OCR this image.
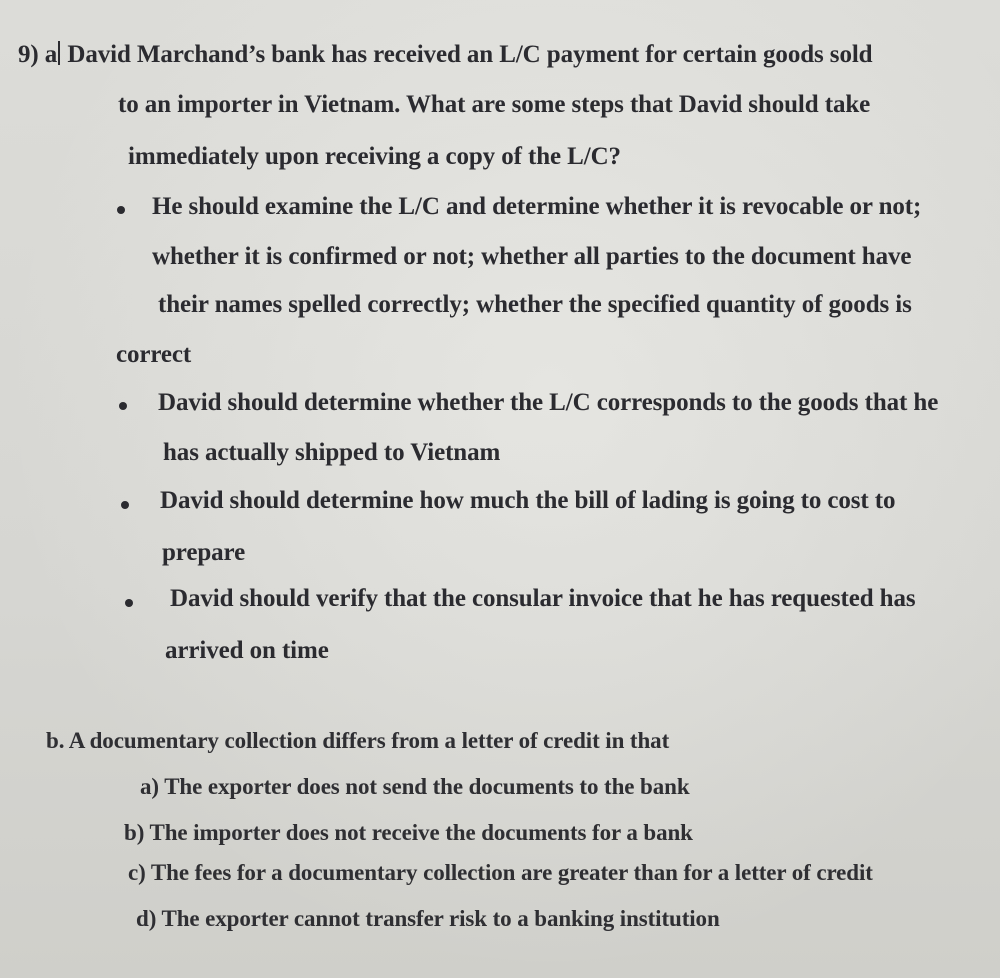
9) a David Marchand’s bank has received an L/C payment for certain goods sold
to an importer in Vietnam. What are some steps that David should take
immediately upon receiving a copy of the L/C?
He should examine the L/C and determine whether it is revocable or not;
whether it is confirmed or not; whether all parties to the document have
their names spelled correctly; whether the specified quantity of goods is
correct
David should determine whether the L/C corresponds to the goods that he
has actually shipped to Vietnam
David should determine how much the bill of lading is going to cost to
prepare
David should verify that the consular invoice that he has requested has
arrived on time
b. A documentary collection differs from a letter of credit in that
a) The exporter does not send the documents to the bank
b) The importer does not receive the documents for a bank
c) The fees for a documentary collection are greater than for a letter of credit
d) The exporter cannot transfer risk to a banking institution
